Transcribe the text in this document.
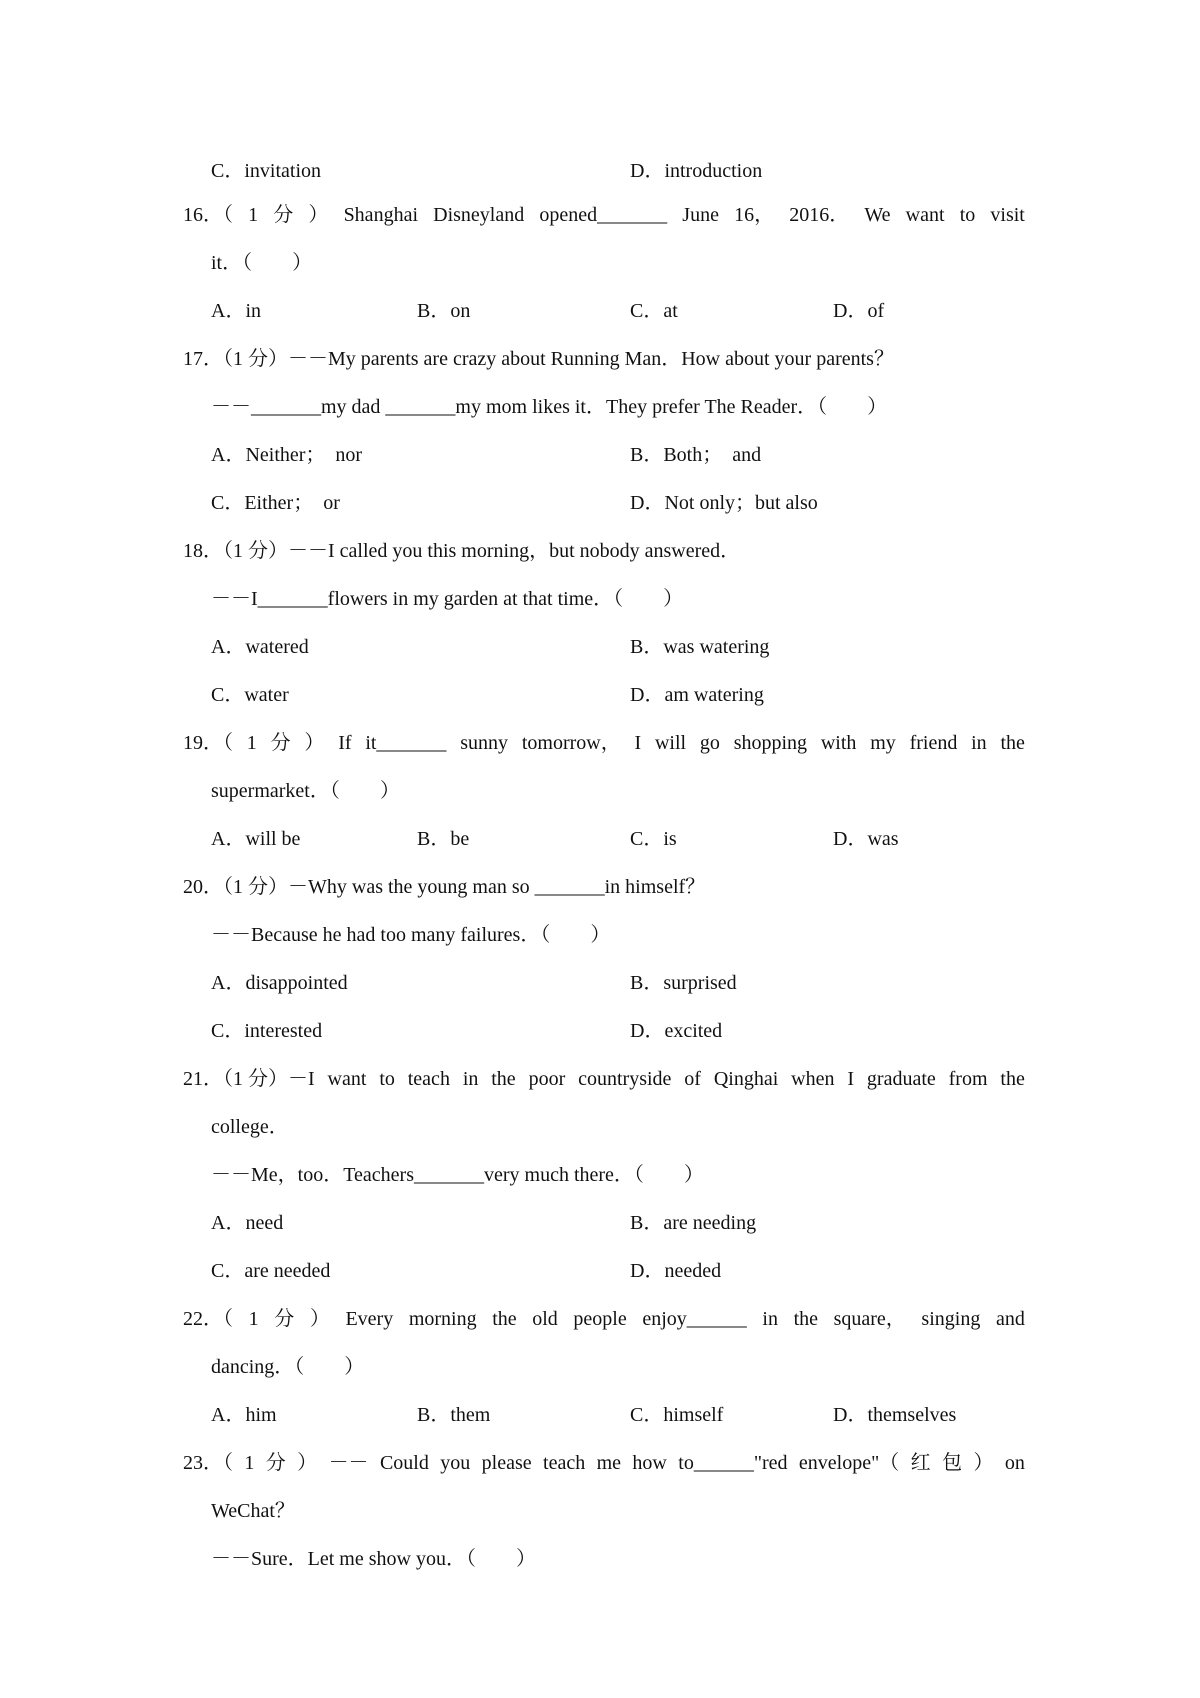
C．invitation	D．introduction
16．（ 1 分 ） Shanghai Disneyland opened_______ June 16， 2016． We want to visit
it．（　　）
A．in	B．on	C．at	D．of
17．（1 分）－－My parents are crazy about Running Man．How about your parents？
－－_______my dad _______my mom likes it．They prefer The Reader．（　　）
A．Neither；  nor	B．Both；  and
C．Either；  or	D．Not only；but also
18．（1 分）－－I called you this morning，but nobody answered．
－－I_______flowers in my garden at that time．（　　）
A．watered	B．was watering
C．water	D．am watering
19．（ 1 分 ） If it_______ sunny tomorrow， I will go shopping with my friend in the
supermarket．（　　）
A．will be	B．be	C．is	D．was
20．（1 分）－Why was the young man so _______in himself？
－－Because he had too many failures．（　　）
A．disappointed	B．surprised
C．interested	D．excited
21．（1 分）－I want to teach in the poor countryside of Qinghai when I graduate from the
college．
－－Me，too．Teachers_______very much there．（　　）
A．need	B．are needing
C．are needed	D．needed
22．（ 1 分 ） Every morning the old people enjoy______ in the square， singing and
dancing．（　　）
A．him	B．them	C．himself	D．themselves
23．（ 1 分 ） －－ Could you please teach me how to______"red envelope"（ 红 包 ） on
WeChat？
－－Sure．Let me show you．（　　）
